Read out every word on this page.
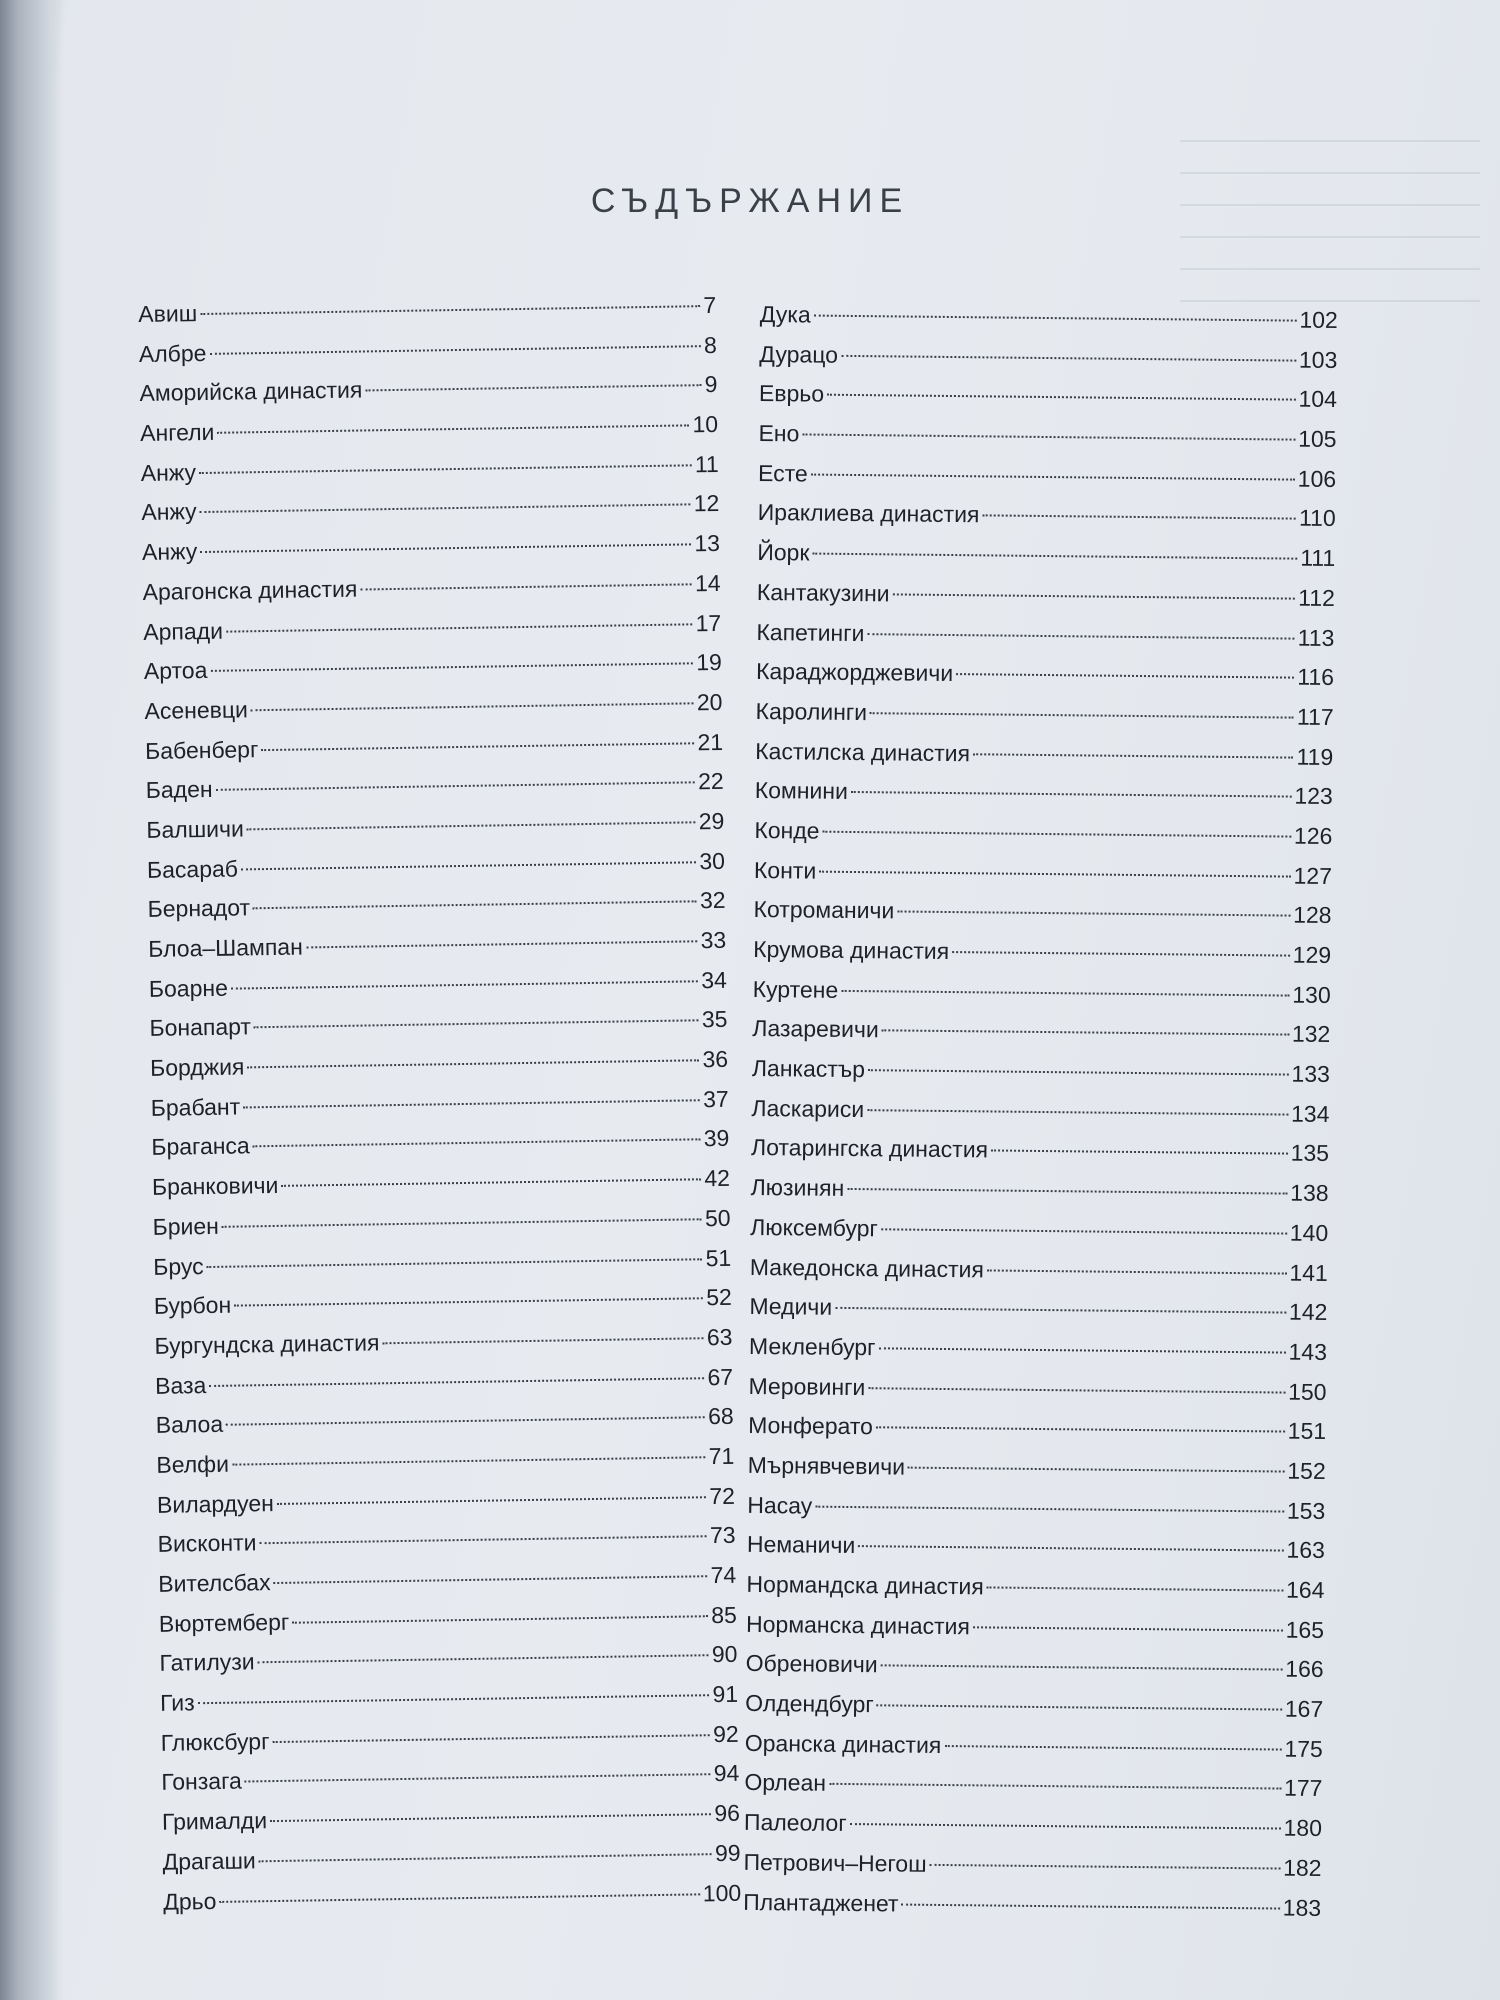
СЪДЪРЖАНИЕ
Авиш	7
Албре	8
Аморийска династия	9
Ангели	10
Анжу	11
Анжу	12
Анжу	13
Арагонска династия	14
Арпади	17
Артоа	19
Асеневци	20
Бабенберг	21
Баден	22
Балшичи	29
Басараб	30
Бернадот	32
Блоа–Шампан	33
Боарне	34
Бонапарт	35
Борджия	36
Брабант	37
Браганса	39
Бранковичи	42
Бриен	50
Брус	51
Бурбон	52
Бургундска династия	63
Ваза	67
Валоа	68
Велфи	71
Вилардуен	72
Висконти	73
Вителсбах	74
Вюртемберг	85
Гатилузи	90
Гиз	91
Глюксбург	92
Гонзага	94
Грималди	96
Драгаши	99
Дрьо	100
Дука	102
Дурацо	103
Еврьо	104
Ено	105
Есте	106
Ираклиева династия	110
Йорк	111
Кантакузини	112
Капетинги	113
Караджорджевичи	116
Каролинги	117
Кастилска династия	119
Комнини	123
Конде	126
Конти	127
Котроманичи	128
Крумова династия	129
Куртене	130
Лазаревичи	132
Ланкастър	133
Ласкариси	134
Лотарингска династия	135
Люзинян	138
Люксембург	140
Македонска династия	141
Медичи	142
Мекленбург	143
Меровинги	150
Монферато	151
Мърнявчевичи	152
Насау	153
Неманичи	163
Нормандска династия	164
Норманска династия	165
Обреновичи	166
Олдендбург	167
Оранска династия	175
Орлеан	177
Палеолог	180
Петрович–Негош	182
Плантадженет	183
